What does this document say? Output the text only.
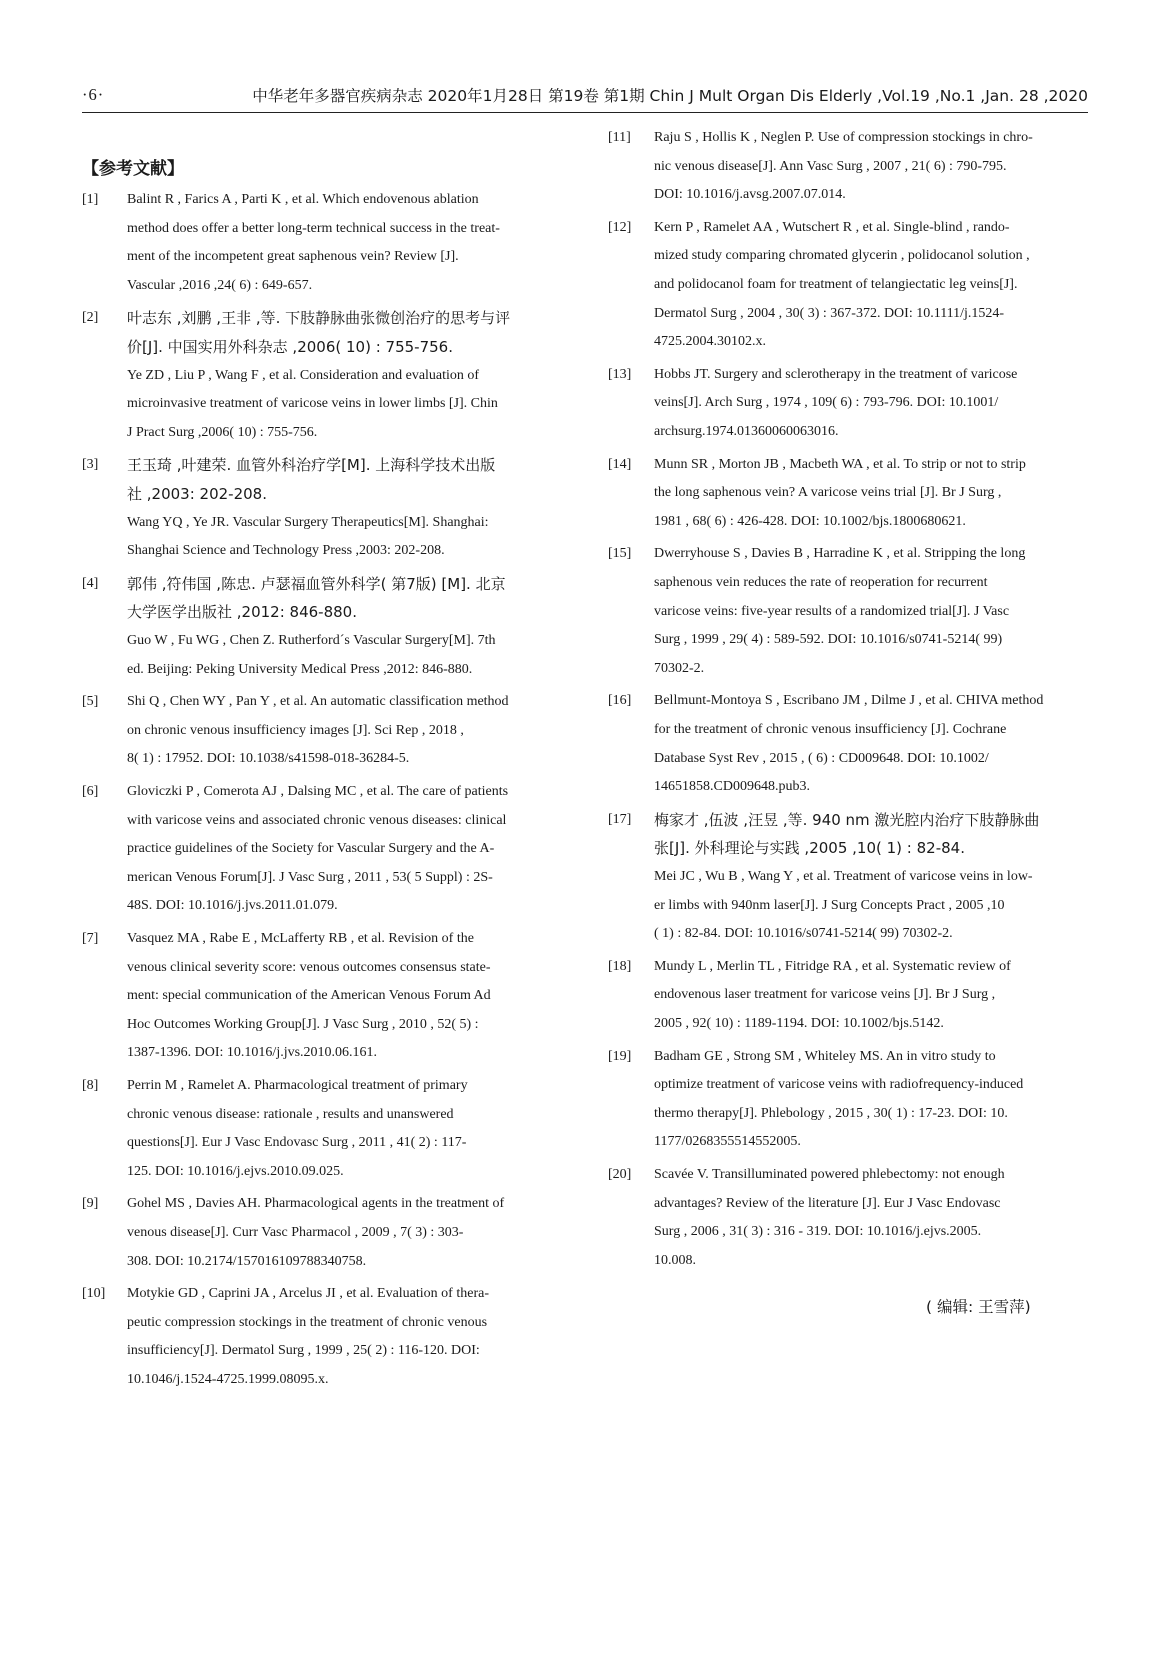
·6·	中华老年多器官疾病杂志 2020年1月28日 第19卷 第1期 Chin J Mult Organ Dis Elderly ,Vol.19 ,No.1 ,Jan. 28 ,2020
【参考文献】
[1] Balint R , Farics A , Parti K , et al. Which endovenous ablation
method does offer a better long-term technical success in the treat-
ment of the incompetent great saphenous vein? Review [J].
Vascular ,2016 ,24( 6) : 649-657.
[2] 叶志东 ,刘鹏 ,王非 ,等. 下肢静脉曲张微创治疗的思考与评
价[J]. 中国实用外科杂志 ,2006( 10) : 755-756.
Ye ZD , Liu P , Wang F , et al. Consideration and evaluation of
microinvasive treatment of varicose veins in lower limbs [J]. Chin
J Pract Surg ,2006( 10) : 755-756.
[3] 王玉琦 ,叶建荣. 血管外科治疗学[M]. 上海科学技术出版
社 ,2003: 202-208.
Wang YQ , Ye JR. Vascular Surgery Therapeutics[M]. Shanghai:
Shanghai Science and Technology Press ,2003: 202-208.
[4] 郭伟 ,符伟国 ,陈忠. 卢瑟福血管外科学( 第7版) [M]. 北京
大学医学出版社 ,2012: 846-880.
Guo W , Fu WG , Chen Z. Rutherford´s Vascular Surgery[M]. 7th
ed. Beijing: Peking University Medical Press ,2012: 846-880.
[5] Shi Q , Chen WY , Pan Y , et al. An automatic classification method
on chronic venous insufficiency images [J]. Sci Rep , 2018 ,
8( 1) : 17952. DOI: 10.1038/s41598-018-36284-5.
[6] Gloviczki P , Comerota AJ , Dalsing MC , et al. The care of patients
with varicose veins and associated chronic venous diseases: clinical
practice guidelines of the Society for Vascular Surgery and the A-
merican Venous Forum[J]. J Vasc Surg , 2011 , 53( 5 Suppl) : 2S-
48S. DOI: 10.1016/j.jvs.2011.01.079.
[7] Vasquez MA , Rabe E , McLafferty RB , et al. Revision of the
venous clinical severity score: venous outcomes consensus state-
ment: special communication of the American Venous Forum Ad
Hoc Outcomes Working Group[J]. J Vasc Surg , 2010 , 52( 5) :
1387-1396. DOI: 10.1016/j.jvs.2010.06.161.
[8] Perrin M , Ramelet A. Pharmacological treatment of primary
chronic venous disease: rationale , results and unanswered
questions[J]. Eur J Vasc Endovasc Surg , 2011 , 41( 2) : 117-
125. DOI: 10.1016/j.ejvs.2010.09.025.
[9] Gohel MS , Davies AH. Pharmacological agents in the treatment of
venous disease[J]. Curr Vasc Pharmacol , 2009 , 7( 3) : 303-
308. DOI: 10.2174/157016109788340758.
[10] Motykie GD , Caprini JA , Arcelus JI , et al. Evaluation of thera-
peutic compression stockings in the treatment of chronic venous
insufficiency[J]. Dermatol Surg , 1999 , 25( 2) : 116-120. DOI:
10.1046/j.1524-4725.1999.08095.x.
[11] Raju S , Hollis K , Neglen P. Use of compression stockings in chro-
nic venous disease[J]. Ann Vasc Surg , 2007 , 21( 6) : 790-795.
DOI: 10.1016/j.avsg.2007.07.014.
[12] Kern P , Ramelet AA , Wutschert R , et al. Single-blind , rando-
mized study comparing chromated glycerin , polidocanol solution ,
and polidocanol foam for treatment of telangiectatic leg veins[J].
Dermatol Surg , 2004 , 30( 3) : 367-372. DOI: 10.1111/j.1524-
4725.2004.30102.x.
[13] Hobbs JT. Surgery and sclerotherapy in the treatment of varicose
veins[J]. Arch Surg , 1974 , 109( 6) : 793-796. DOI: 10.1001/
archsurg.1974.01360060063016.
[14] Munn SR , Morton JB , Macbeth WA , et al. To strip or not to strip
the long saphenous vein? A varicose veins trial [J]. Br J Surg ,
1981 , 68( 6) : 426-428. DOI: 10.1002/bjs.1800680621.
[15] Dwerryhouse S , Davies B , Harradine K , et al. Stripping the long
saphenous vein reduces the rate of reoperation for recurrent
varicose veins: five-year results of a randomized trial[J]. J Vasc
Surg , 1999 , 29( 4) : 589-592. DOI: 10.1016/s0741-5214( 99)
70302-2.
[16] Bellmunt-Montoya S , Escribano JM , Dilme J , et al. CHIVA method
for the treatment of chronic venous insufficiency [J]. Cochrane
Database Syst Rev , 2015 , ( 6) : CD009648. DOI: 10.1002/
14651858.CD009648.pub3.
[17] 梅家才 ,伍波 ,汪昱 ,等. 940 nm 激光腔内治疗下肢静脉曲
张[J]. 外科理论与实践 ,2005 ,10( 1) : 82-84.
Mei JC , Wu B , Wang Y , et al. Treatment of varicose veins in low-
er limbs with 940nm laser[J]. J Surg Concepts Pract , 2005 ,10
( 1) : 82-84. DOI: 10.1016/s0741-5214( 99) 70302-2.
[18] Mundy L , Merlin TL , Fitridge RA , et al. Systematic review of
endovenous laser treatment for varicose veins [J]. Br J Surg ,
2005 , 92( 10) : 1189-1194. DOI: 10.1002/bjs.5142.
[19] Badham GE , Strong SM , Whiteley MS. An in vitro study to
optimize treatment of varicose veins with radiofrequency-induced
thermo therapy[J]. Phlebology , 2015 , 30( 1) : 17-23. DOI: 10.
1177/0268355514552005.
[20] Scavée V. Transilluminated powered phlebectomy: not enough
advantages? Review of the literature [J]. Eur J Vasc Endovasc
Surg , 2006 , 31( 3) : 316 - 319. DOI: 10.1016/j.ejvs.2005.
10.008.
( 编辑: 王雪萍)
